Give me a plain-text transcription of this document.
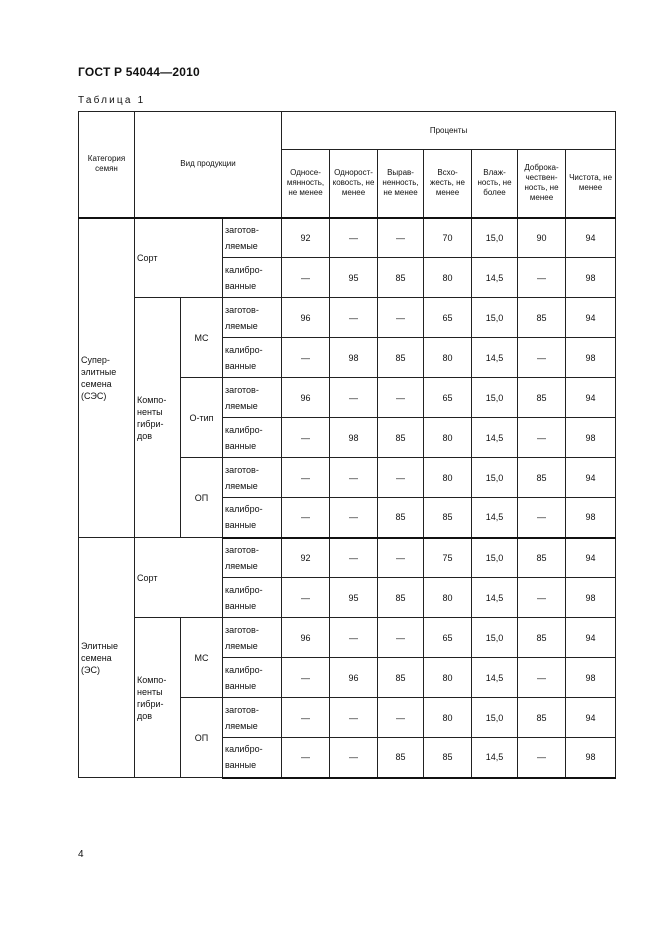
ГОСТ Р 54044—2010
Таблица 1
Категория семян	Вид продукции			Проценты						
				Односе-мянность, не менее	Однорост-ковость, не менее	Вырав-ненность, не менее	Всхо-жесть, не менее	Влаж-ность, не более	Доброка-чествен-ность, не менее	Чистота, не менее
Супер-элитные семена (СЭС)	Сорт		заготов-ляемые	92	—	—	70	15,0	90	94
			калибро-ванные	—	95	85	80	14,5	—	98
	Компо-ненты гибри-дов	МС	заготов-ляемые	96	—	—	65	15,0	85	94
			калибро-ванные	—	98	85	80	14,5	—	98
		О-тип	заготов-ляемые	96	—	—	65	15,0	85	94
			калибро-ванные	—	98	85	80	14,5	—	98
		ОП	заготов-ляемые	—	—	—	80	15,0	85	94
			калибро-ванные	—	—	85	85	14,5	—	98
Элитные семена (ЭС)	Сорт		заготов-ляемые	92	—	—	75	15,0	85	94
			калибро-ванные	—	95	85	80	14,5	—	98
	Компо-ненты гибри-дов	МС	заготов-ляемые	96	—	—	65	15,0	85	94
			калибро-ванные	—	96	85	80	14,5	—	98
		ОП	заготов-ляемые	—	—	—	80	15,0	85	94
			калибро-ванные	—	—	85	85	14,5	—	98
4
